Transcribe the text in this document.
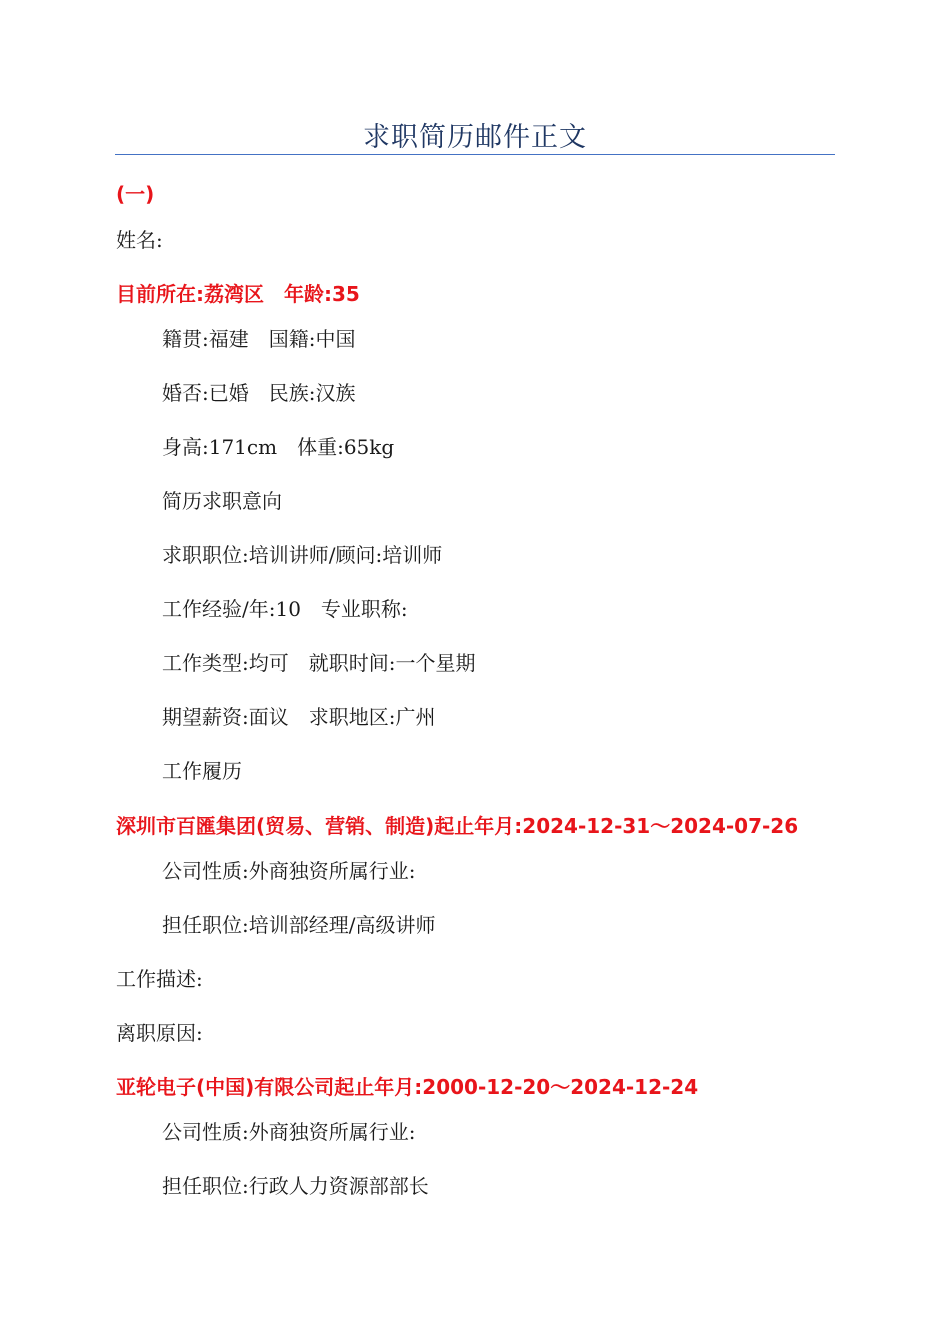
求职简历邮件正文
(一)
姓名:
目前所在:荔湾区　年龄:35
籍贯:福建　国籍:中国
婚否:已婚　民族:汉族
身高:171cm　体重:65kg
简历求职意向
求职职位:培训讲师/顾问:培训师
工作经验/年:10　专业职称:
工作类型:均可　就职时间:一个星期
期望薪资:面议　求职地区:广州
工作履历
深圳市百匯集团(贸易、营销、制造)起止年月:2024-12-31～2024-07-26
公司性质:外商独资所属行业:
担任职位:培训部经理/高级讲师
工作描述:
离职原因:
亚轮电子(中国)有限公司起止年月:2000-12-20～2024-12-24
公司性质:外商独资所属行业:
担任职位:行政人力资源部部长
